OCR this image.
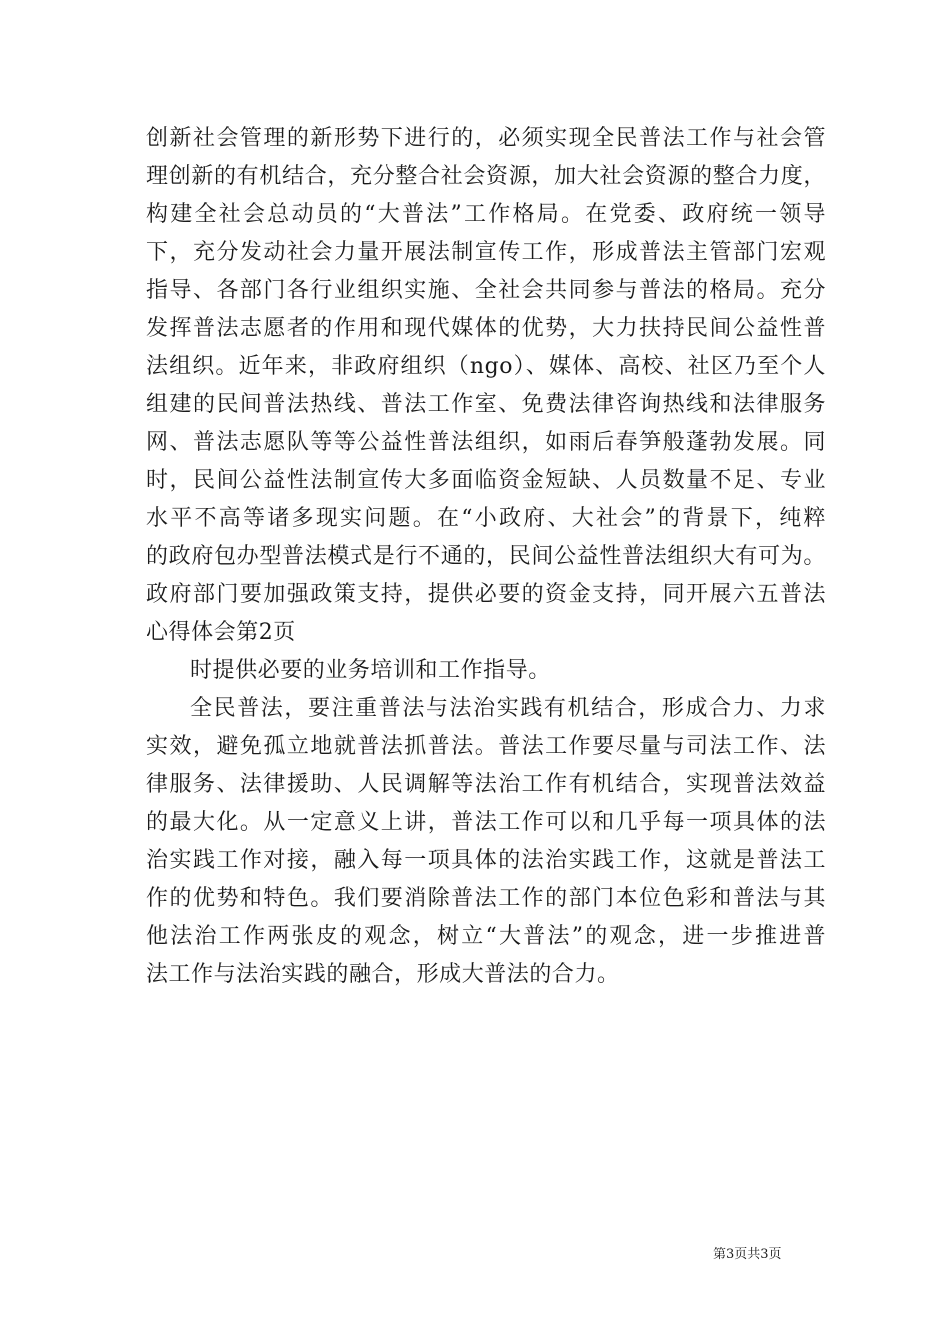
创新社会管理的新形势下进行的，必须实现全民普法工作与社会管
理创新的有机结合，充分整合社会资源，加大社会资源的整合力度，
构建全社会总动员的“大普法”工作格局。在党委、政府统一领导
下，充分发动社会力量开展法制宣传工作，形成普法主管部门宏观
指导、各部门各行业组织实施、全社会共同参与普法的格局。充分
发挥普法志愿者的作用和现代媒体的优势，大力扶持民间公益性普
法组织。近年来，非政府组织（ngo）、媒体、高校、社区乃至个人
组建的民间普法热线、普法工作室、免费法律咨询热线和法律服务
网、普法志愿队等等公益性普法组织，如雨后春笋般蓬勃发展。同
时，民间公益性法制宣传大多面临资金短缺、人员数量不足、专业
水平不高等诸多现实问题。在“小政府、大社会”的背景下，纯粹
的政府包办型普法模式是行不通的，民间公益性普法组织大有可为。
政府部门要加强政策支持，提供必要的资金支持，同开展六五普法
心得体会第2页
时提供必要的业务培训和工作指导。
全民普法，要注重普法与法治实践有机结合，形成合力、力求
实效，避免孤立地就普法抓普法。普法工作要尽量与司法工作、法
律服务、法律援助、人民调解等法治工作有机结合，实现普法效益
的最大化。从一定意义上讲，普法工作可以和几乎每一项具体的法
治实践工作对接，融入每一项具体的法治实践工作，这就是普法工
作的优势和特色。我们要消除普法工作的部门本位色彩和普法与其
他法治工作两张皮的观念，树立“大普法”的观念，进一步推进普
法工作与法治实践的融合，形成大普法的合力。
第3页共3页
